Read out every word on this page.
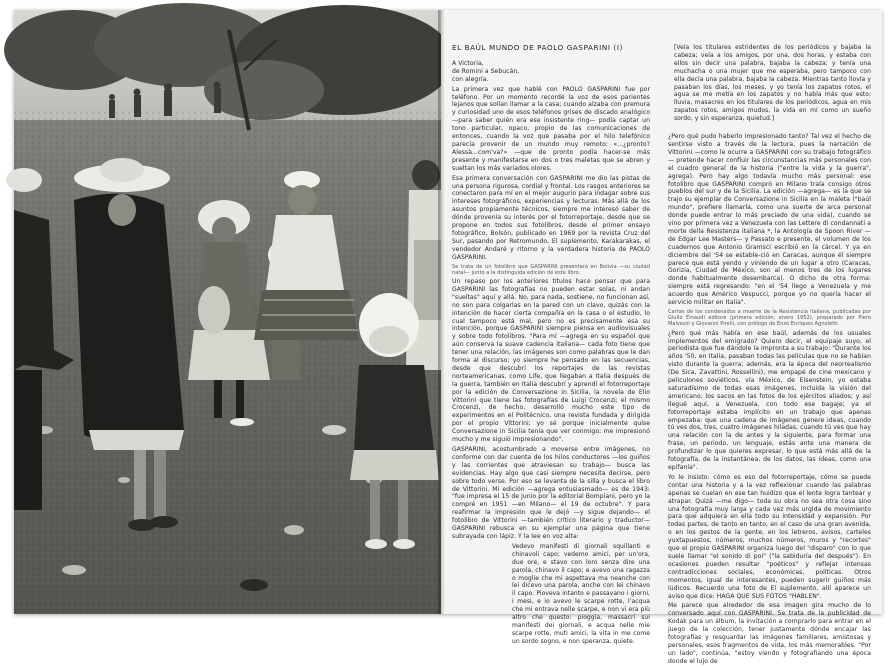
EL BAÚL MUNDO DE PAOLO GASPARINI (I)

A Victoria,
de Romini a Sebucán,
con alegría.

La primera vez que hablé con PAOLO GASPARINI fue por teléfono. Por un momento recordé la voz de esos parientes lejanos que solían llamar a la casa; cuando alzaba con premura y curiosidad uno de esos teléfonos grises de discado analógico —para saber quién era ese insistente ring— podía captar un tono particular, opaco, propio de las comunicaciones de entonces, cuando la voz que pasaba por el hilo telefónico parecía provenir de un mundo muy remoto: «...¿pronto? Alessà...com'va?» —que de pronto podía hacer-se más presente y manifestarse en dos o tres maletas que se abren y sueltan los más variados olores.

Esa primera conversación con GASPARINI me dio las pistas de una persona rigurosa, cordial y frontal. Los rasgos anteriores se conectaron para mí en el mejor augurio para indagar sobre sus intereses fotográficos, experiencias y lecturas. Más allá de los asuntos propiamente técnicos, siempre me interesó saber de dónde provenía su interés por el fotorreportaje, desde que se propone en todos sus fotolibros, desde el primer ensayo fotográfico, Bolsón, publicado en 1969 por la revista Cruz del Sur, pasando por Retromundo, El suplemento, Karakarakas, el vendedor Andaré y ritorno y la verdadera historia de PAOLO GASPARINI.

Se trata de un fotolibro que GASPARINI presentará en Bolivia —su ciudad natal— junto a la distinguida edición de este libro.

Un repaso por los anteriores títulos hace pensar que para GASPARINI las fotografías no pueden estar solas, ni andan "sueltas" aquí y allá. No, para nada, sostiene, no funcionan así, no son para colgarlas en la pared con un clavo, quizás con la intención de hacer cierta compañía en la casa o el estudio, lo cual tampoco está mal, pero no es precisamente esa su intención, porque GASPARINI siempre piensa en audiovisuales y sobre todo fotolibros. "Para mí —agrega en su español que aún conserva la suave cadencia italiana— cada foto tiene que tener una relación, las imágenes son como palabras que le dan forma al discurso; yo siempre he pensado en las secuencias, desde que descubrí los reportajes de las revistas norteamericanas, como Life, que llegaban a Italia después de la guerra, también en Italia descubrí y aprendí el fotorreportaje por la edición de Conversazione in Sicilia, la novela de Elio Vittorini que tiene las fotografías de Luigi Crocenzi; el mismo Crocenzi, de hecho, desarrolló mucho este tipo de experimentos en el Politécnico, una revista fundada y dirigida por el propio Vittorini; yo sé porque inicialmente quise Conversazione in Sicilia tenía que ver conmigo; me impresionó mucho y me siguió impresionando".

GASPARINI, acostumbrado a moverse entre imágenes, no conforme con dar cuenta de los hilos conductores —los guiños y las corrientes que atraviesan su trabajo— busca las evidencias. Hay algo que casi siempre necesita decirse, pero sobre todo verse. Por eso se levanta de la silla y busca el libro de Vittorini. Mi edición —agrega entusiasmado— es de 1943: "fue impresa el 15 de junio por la editorial Bompiani, pero yo la compré en 1951 —en Milano— el 19 de octubre". Y para reafirmar la impresión que le dejó —y sigue dejando— el fotolibro de Vittorini —también crítico literario y traductor— GASPARINI rebusca en su ejemplar una página que tiene subrayada con lápiz. Y la lee en voz alta:

Vedevo manifesti di giornali squillanti e chinavoli capo; vedemo amici, per un'ora, due ore, e stavo con loro senza dire una parola, chinavo il capo; e avevo una ragazza o moglie che mi aspettava ma neanche con lei dicevo una parola, anche con lei chinavo il capo. Pioveva intanto e passavano i giorni, i mesi, e io avevo le scarpe rotte, l'acqua che mi entrava nelle scarpe, e non vi era più altro che questo: pioggia, massacri sui manifesti dei giornali, e acqua nelle mie scarpe rotte, muti amici, la vita in me come un sordo sogno, e non speranza, quiete.

[Veía los titulares estridentes de los periódicos y bajaba la cabeza; veía a los amigos, por una, dos horas, y estaba con ellos sin decir una palabra, bajaba la cabeza; y tenía una muchacha o una mujer que me esperaba, pero tampoco con ella decía una palabra, bajaba la cabeza. Mientras tanto llovía y pasaban los días, los meses, y yo tenía los zapatos rotos, el agua se me metía en los zapatos y no había más que esto: lluvia, masacres en los titulares de los periódicos, agua en mis zapatos rotos, amigos mudos, la vida en mí como un sueño sordo, y sin esperanza, quietud.]

¿Pero qué pudo haberlo impresionado tanto? Tal vez el hecho de sentirse visto a través de la lectura, pues la narración de Vittorini —como le ocurre a GASPARINI con su trabajo fotográfico— pretende hacer confluir las circunstancias más personales con el cuadro general de la historia ("entre la vida y la guerra", agrega). Pero hay algo todavía mucho más personal: ese fotolibro que GASPARINI compró en Milano traía consigo otros pueblos del sur y de la Sicilia. La edición —agrega— es la que se trajo su ejemplar de Conversazione in Sicilia en la maleta ("baúl mundo", prefiere llamarla, como una suerte de arca personal donde puede entrar lo más preciado de una vida), cuando se vino por primera vez a Venezuela con las Lettere di condannati a morte della Resistenza italiana *, la Antología de Spoon River —de Edgar Lee Masters— y Passato e presente, el volumen de los cuadernos que Antonio Gramsci escribió en la cárcel. Y ya en diciembre del '54 se estable-ció en Caracas, aunque él siempre parece que está yendo y viniendo de un lugar a otro (Caracas, Gorizia, Ciudad de México, son al menos tres de los lugares donde habitualmente desembarca). O dicho de otra forma: siempre está regresando: "en el '54 llego a Venezuela y me acuerdo que Américo Vespucci, porque yo no quería hacer el servicio militar en Italia".

Cartas de los condenados a muerte de la Resistencia italiana, publicadas por Giulio Einaudi editore (primera edición, enero 1952), preparado por Piero Malvezzi y Giovanni Pirelli, con prólogo de Enzo Enriques Agnoletti.

¿Pero qué más había en ese baúl, además de los usuales implementos del emigrado? Quiero decir, el equipaje suyo, el periodista que fue dándole la impronta a su trabajo: "Durante los años '50, en Italia, pasaban todas las películas que no se habían visto durante la guerra; además, era la época del neorrealismo (De Sica, Zavattini, Rossellini), me empapé de cine mexicano y peliculones soviéticos, vía México, de Eisenstein, yo estaba saturadísimo de todas esas imágenes, incluida la visión del americano, los sacos en las fotos de los ejércitos aliados; y así llegué aquí, a Venezuela, con todo ese bagaje; ya el fotorreportaje estaba implícito en un trabajo que apenas empezaba: que una cadena de imágenes genere ideas, cuando tú ves dos, tres, cuatro imágenes hiladas, cuando tú ves que hay una relación con la de antes y la siguiente, para formar una frase, un periodo, un lenguaje, estás ante una manera de profundizar lo que quieres expresar, lo que está más allá de la fotografía, de la instantánea, de los datos, las ideas, como una epifanía".

Yo le insisto: cómo es eso del fotorreportaje, cómo se puede contar una historia y a la vez reflexionar cuando las palabras apenas se cuelan en ese tan huidizo que el lente logra tantear y atrapar. Quizá —me digo— toda su obra no sea otra cosa sino una fotografía muy larga y cada vez más urgida de movimiento para que adquiera en ella todo su intensidad y expansión. Por todas partes, de tanto en tanto, en el caso de una gran avenida, o en los gestos de la gente, en los letreros, avisos, carteles yuxtapuestos, números, muchos números, muros y "recortes" que el propio GASPARINI organiza luego del "disparo" con lo que suele llamar "el sonido di poi" ("la sabiduría del después"). En ocasiones pueden resultar "poéticos" y reflejar intensas contradicciones sociales, económicas, políticas. Otros momentos, igual de interesantes, pueden sugerir guiños más lúdicos. Recuerdo una foto de El suplemento, allí aparece un aviso que dice: HAGA QUE SUS FOTOS "HABLEN".

Me parece que alrededor de esa imagen gira mucho de lo conversado aquí con GASPARINI. Se trata de la publicidad de Kodak para un álbum, la invitación a comprarlo para entrar en el juego de la colección, tener justamente dónde encajar las fotografías y resguardar las imágenes familiares, amistosas y personales, esos fragmentos de vida, los más memorables. "Por un lado", continúa, "estoy viendo y fotografiando una época donde el lujo de
